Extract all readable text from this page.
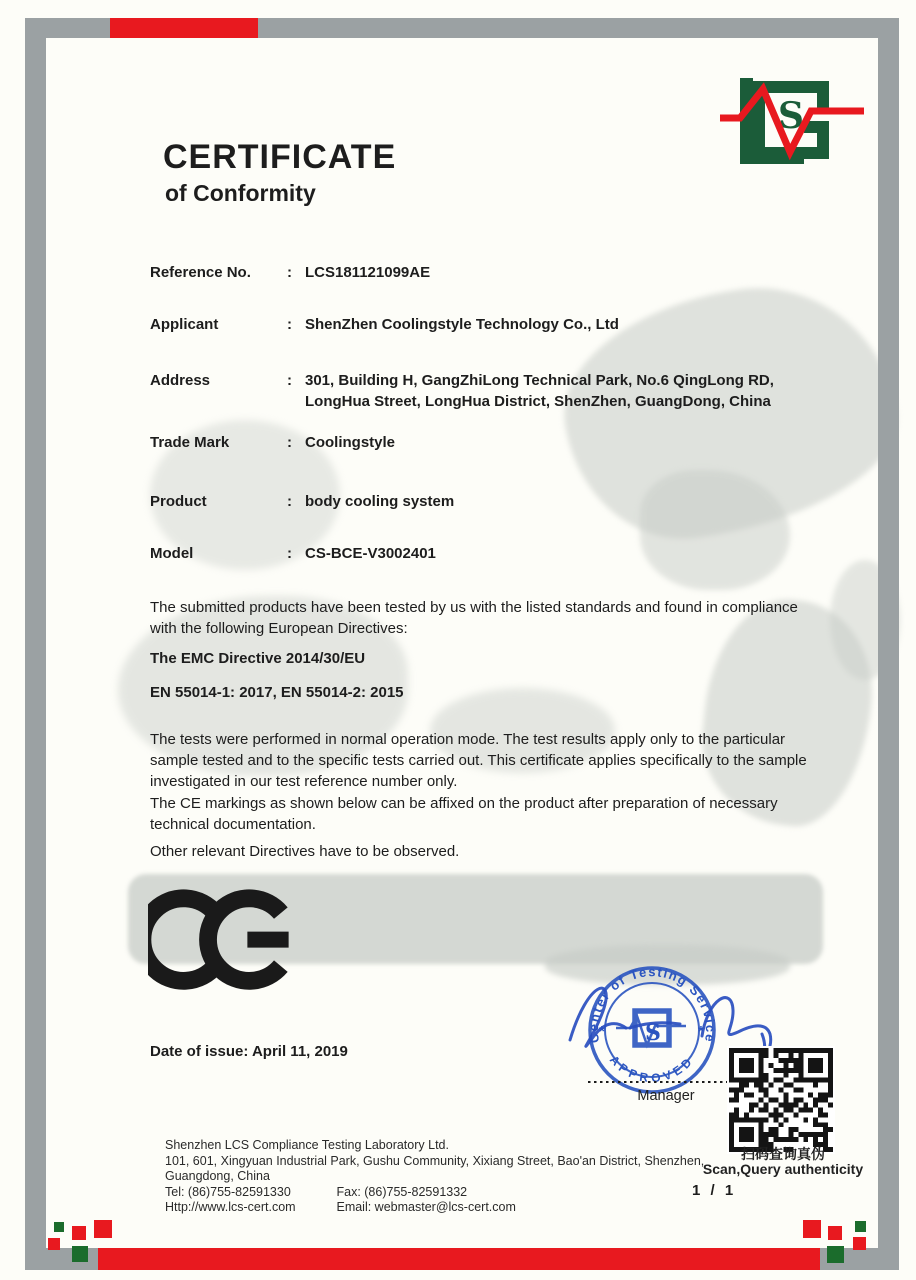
S
CERTIFICATE
of Conformity
Reference No.	: LCS181121099AE
Applicant	: ShenZhen Coolingstyle Technology Co., Ltd
Address	: 301, Building H, GangZhiLong Technical Park, No.6 QingLong RD, LongHua Street, LongHua District, ShenZhen, GuangDong, China
Trade Mark	: Coolingstyle
Product	: body cooling system
Model	: CS-BCE-V3002401
The submitted products have been tested by us with the listed standards and found in compliance with the following European Directives:
The EMC Directive 2014/30/EU
EN 55014-1: 2017, EN 55014-2: 2015
The tests were performed in normal operation mode. The test results apply only to the particular sample tested and to the specific tests carried out. This certificate applies specifically to the sample investigated in our test reference number only.
The CE markings as shown below can be affixed on the product after preparation of necessary technical documentation.
Other relevant Directives have to be observed.
Date of issue: April 11, 2019
Center of Testing Service
APPROVED
*	*
S
Manager
扫码查询真伪
Scan,Query authenticity
1 / 1
Shenzhen LCS Compliance Testing Laboratory Ltd.
101, 601, Xingyuan Industrial Park, Gushu Community, Xixiang Street, Bao'an District, Shenzhen,
Guangdong, China
Tel: (86)755-82591330	Fax: (86)755-82591332
Http://www.lcs-cert.com	Email: webmaster@lcs-cert.com
